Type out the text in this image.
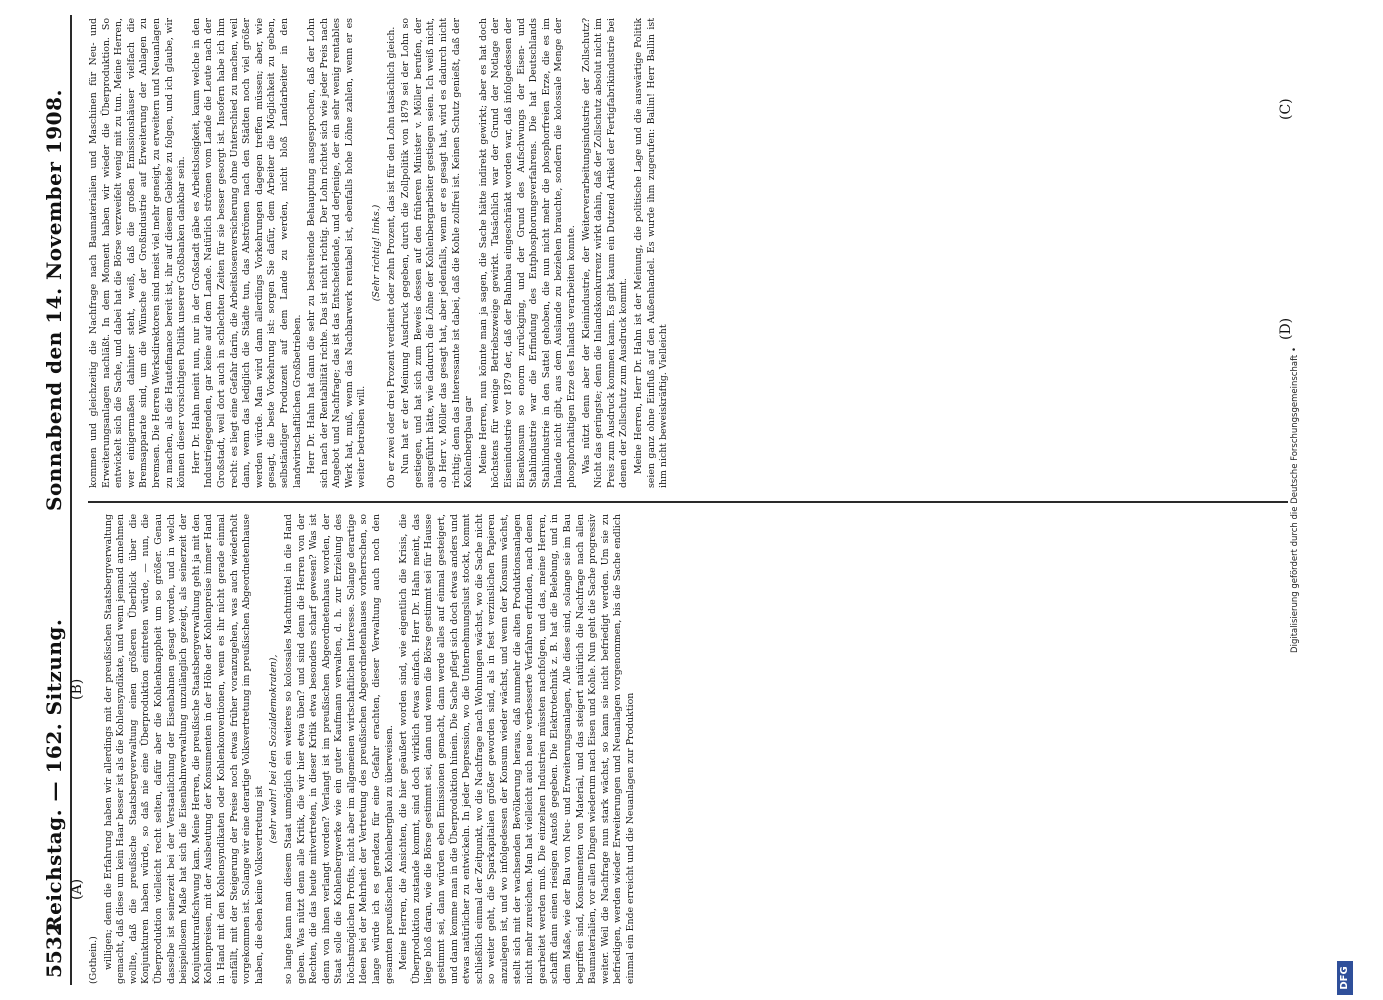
5532
Reichstag. — 162. Sitzung.
Sonnabend den 14. November 1908.
(A)
(B)
(C)
(D)

(Gothein.) willigen; denn die Erfahrung haben wir allerdings mit der preußischen Staatsbergverwaltung gemacht, daß diese um kein Haar besser ist als die Kohlensyndikate, und wenn jemand annehmen wollte, daß die preußische Staatsbergverwaltung einen größeren Überblick über die Konjunkturen haben würde, so daß nie eine Überproduktion eintreten würde, — nun, die Überproduktion vielleicht recht selten, dafür aber die Kohlenknappheit um so größer. Genau dasselbe ist seinerzeit bei der Verstaatlichung der Eisenbahnen gesagt worden, und in welch beispiellosem Maße hat sich die Eisenbahnverwaltung unzulänglich gezeigt, als seinerzeit der Konjunkturaufschwung kam. Meine Herren, die preußische Staatsbergverwaltung geht ja mit den Kohlenpreisen, mit der Ausbeutung der Konsumenten in der Höhe der Kohlenpreise immer Hand in Hand mit den Kohlensyndikaten oder Kohlenkonventionen, wenn es ihr nicht gerade einmal einfällt, mit der Steigerung der Preise noch etwas früher voranzugehen, was auch wiederholt vorgekommen ist. Solange wir eine derartige Volksvertretung im preußischen Abgeordnetenhause haben, die eben keine Volksvertretung ist

(sehr wahr! bei den Sozialdemokraten), so lange kann man diesem Staat unmöglich ein weiteres so kolossales Machtmittel in die Hand geben. Was nützt denn alle Kritik, die wir hier etwa üben? und sind denn die Herren von der Rechten, die das heute mitvertreten, in dieser Kritik etwa besonders scharf gewesen? Was ist denn von ihnen verlangt worden? Verlangt ist im preußischen Abgeordnetenhaus worden, der Staat solle die Kohlenbergwerke wie ein guter Kaufmann verwalten, d. h. zur Erzielung des höchstmöglichen Profits, nicht aber im allgemeinen wirtschaftlichen Interesse. Solange derartige Ideen bei der Mehrheit der Vertretung des preußischen Abgeordnetenhauses vorherrschen, so lange würde ich es geradezu für eine Gefahr erachten, dieser Verwaltung auch noch den gesamten preußischen Kohlenbergbau zu überweisen. Meine Herren, die Ansichten, die hier geäußert worden sind, wie eigentlich die Krisis, die Überproduktion zustande kommt, sind doch wirklich etwas einfach. Herr Dr. Hahn meint, das liege bloß daran, wie die Börse gestimmt sei, dann und wenn die Börse gestimmt sei für Hausse gestimmt sei, dann würden eben Emissionen gemacht, dann werde alles auf einmal gesteigert, und dann komme man in die Überproduktion hinein. Die Sache pflegt sich doch etwas anders und etwas natürlicher zu entwickeln. In jeder Depression, wo die Unternehmungslust stockt, kommt schließlich einmal der Zeitpunkt, wo die Nachfrage nach Wohnungen wächst, wo die Sache nicht so weiter geht, die Sparkapitalien größer geworden sind, als in fest verzinslichen Papieren anzulegen ist, und wo infolgedessen der Konsum wieder wächst, und wenn der Konsum wächst, stellt sich mit der wachsenden Bevölkerung heraus, daß nunmehr die alten Produktionsanlagen nicht mehr zureichen. Man hat vielleicht auch neue verbesserte Verfahren erfunden, nach denen gearbeitet werden muß. Die einzelnen Industrien müssten nachfolgen, und das, meine Herren, schafft dann einen riesigen Anstoß gegeben. Die Elektrotechnik z. B. hat die Belebung, und in dem Maße, wie der Bau von Neu- und Erweiterungsanlagen, Alle diese sind, solange sie im Bau begriffen sind, Konsumenten von Material, und das steigert natürlich die Nachfrage nach allen Baumaterialien, vor allen Dingen wiederum nach Eisen und Kohle. Nun geht die Sache progressiv weiter. Weil die Nachfrage nun stark wächst, so kann sie nicht befriedigt werden. Um sie zu befriedigen, werden wieder Erweiterungen und Neuanlagen vorgenommen, bis die Sache endlich einmal ein Ende erreicht und die Neuanlagen zur Produktion

kommen und gleichzeitig die Nachfrage nach Baumaterialien und Maschinen für Neu- und Erweiterungsanlagen nachläßt. In dem Moment haben wir wieder die Überproduktion. So entwickelt sich die Sache, und dabei hat die Börse verzweifelt wenig mit zu tun. Meine Herren, wer einigermaßen dahinter steht, weiß, daß die großen Emissionshäuser vielfach die Bremsapparate sind, um die Wünsche der Großindustrie auf Erweiterung der Anlagen zu bremsen. Die Herren Werksdirektoren sind meist viel mehr geneigt, zu erweitern und Neuanlagen zu machen, als die Hautefinance bereit ist, ihr auf diesem Gebiete zu folgen, und ich glaube, wir können dieser vorsichtigen Politik unserer Großbanken dankbar sein. Herr Dr. Hahn meint nun, nur in der Großstadt gäbe es Arbeitslosigkeit, kaum welche in den Industriegegenden, gar keine auf dem Lande. Natürlich strömen vom Lande die Leute nach der Großstadt, weil dort auch in schlechten Zeiten für sie besser gesorgt ist. Insofern habe ich ihm recht: es liegt eine Gefahr darin, die Arbeitslosenversicherung ohne Unterschied zu machen, weil dann, wenn das lediglich die Städte tun, das Abströmen nach den Städten noch viel größer werden würde. Man wird dann allerdings Vorkehrungen dagegen treffen müssen; aber, wie gesagt, die beste Vorkehrung ist: sorgen Sie dafür, dem Arbeiter die Möglichkeit zu geben, selbständiger Produzent auf dem Lande zu werden, nicht bloß Landarbeiter in den landwirtschaftlichen Großbetrieben. Herr Dr. Hahn hat dann die sehr zu bestreitende Behauptung ausgesprochen, daß der Lohn sich nach der Rentabilität richte. Das ist nicht richtig. Der Lohn richtet sich wie jeder Preis nach Angebot und Nachfrage; das ist das Entscheidende, und derjenige, der ein sehr wenig rentables Werk hat, muß, wenn das Nachbarwerk rentabel ist, ebenfalls hohe Löhne zahlen, wenn er es weiter betreiben will.

(Sehr richtig! links.) Ob er zwei oder drei Prozent verdient oder zehn Prozent, das ist für den Lohn tatsächlich gleich. Nun hat er der Meinung Ausdruck gegeben, durch die Zollpolitik von 1879 sei der Lohn so gestiegen, und hat sich zum Beweis dessen auf den früheren Minister v. Möller berufen, der ausgeführt hätte, wie dadurch die Löhne der Kohlenbergarbeiter gestiegen seien. Ich weiß nicht, ob Herr v. Möller das gesagt hat, aber jedenfalls, wenn er es gesagt hat, wird es dadurch nicht richtig; denn das Interessante ist dabei, daß die Kohle zollfrei ist. Keinen Schutz genießt, daß der Kohlenbergbau gar Meine Herren, nun könnte man ja sagen, die Sache hätte indirekt gewirkt; aber es hat doch höchstens für wenige Betriebszweige gewirkt. Tatsächlich war der Grund der Notlage der Eisenindustrie vor 1879 der, daß der Bahnbau eingeschränkt worden war, daß infolgedessen der Eisenkonsum so enorm zurückging, und der Grund des Aufschwungs der Eisen- und Stahlindustrie war die Erfindung des Entphosphorungsverfahrens. Die hat Deutschlands Stahlindustrie in den Sattel gehoben, die nun nicht mehr die phosphorfreien Erze, die es im Inlande nicht gibt, aus dem Auslande zu beziehen brauchte, sondern die kolossale Menge der phosphorhaltigen Erze des Inlands verarbeiten konnte. Was nützt denn aber der Kleinindustrie, der Weiterverarbeitungsindustrie der Zollschutz? Nicht das geringste; denn die Inlandskonkurrenz wirkt dahin, daß der Zollschutz absolut nicht im Preis zum Ausdruck kommen kann. Es gibt kaum ein Dutzend Artikel der Fertigfabrikindustrie bei denen der Zollschutz zum Ausdruck kommt. Meine Herren, Herr Dr. Hahn ist der Meinung, die politische Lage und die auswärtige Politik seien ganz ohne Einfluß auf den Außenhandel. Es wurde ihm zugerufen: Ballin! Herr Ballin ist ihm nicht beweiskräftig. Vielleicht	Digitalisierung gefördert durch die Deutsche Forschungsgemeinschaft •
DFG
